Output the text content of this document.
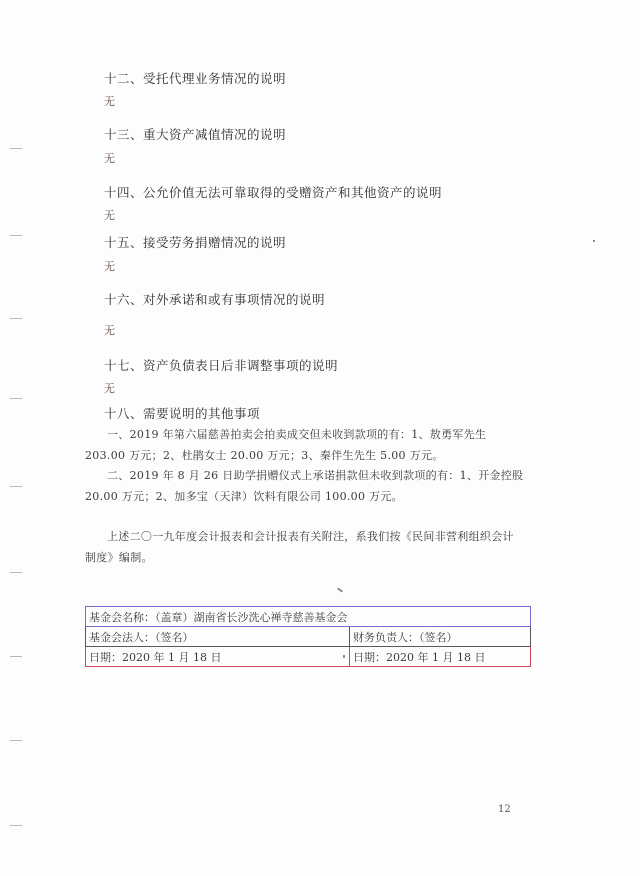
十二、受托代理业务情况的说明
无
十三、重大资产减值情况的说明
无
十四、公允价值无法可靠取得的受赠资产和其他资产的说明
无
十五、接受劳务捐赠情况的说明
无
十六、对外承诺和或有事项情况的说明
无
十七、资产负债表日后非调整事项的说明
无
十八、需要说明的其他事项
一、2019 年第六届慈善拍卖会拍卖成交但未收到款项的有：1、敖勇军先生 203.00 万元；2、杜鹃女士 20.00 万元；3、秦伴生先生 5.00 万元。
二、2019 年 8 月 26 日助学捐赠仪式上承诺捐款但未收到款项的有：1、开金控股 20.00 万元；2、加多宝（天津）饮料有限公司 100.00 万元。
上述二〇一九年度会计报表和会计报表有关附注，系我们按《民间非营利组织会计制度》编制。
基金会名称：（盖章）湖南省长沙洗心禅寺慈善基金会	
基金会法人：（签名）	财务负责人：（签名）
日期：2020 年 1 月 18 日	日期：2020 年 1 月 18 日
12
